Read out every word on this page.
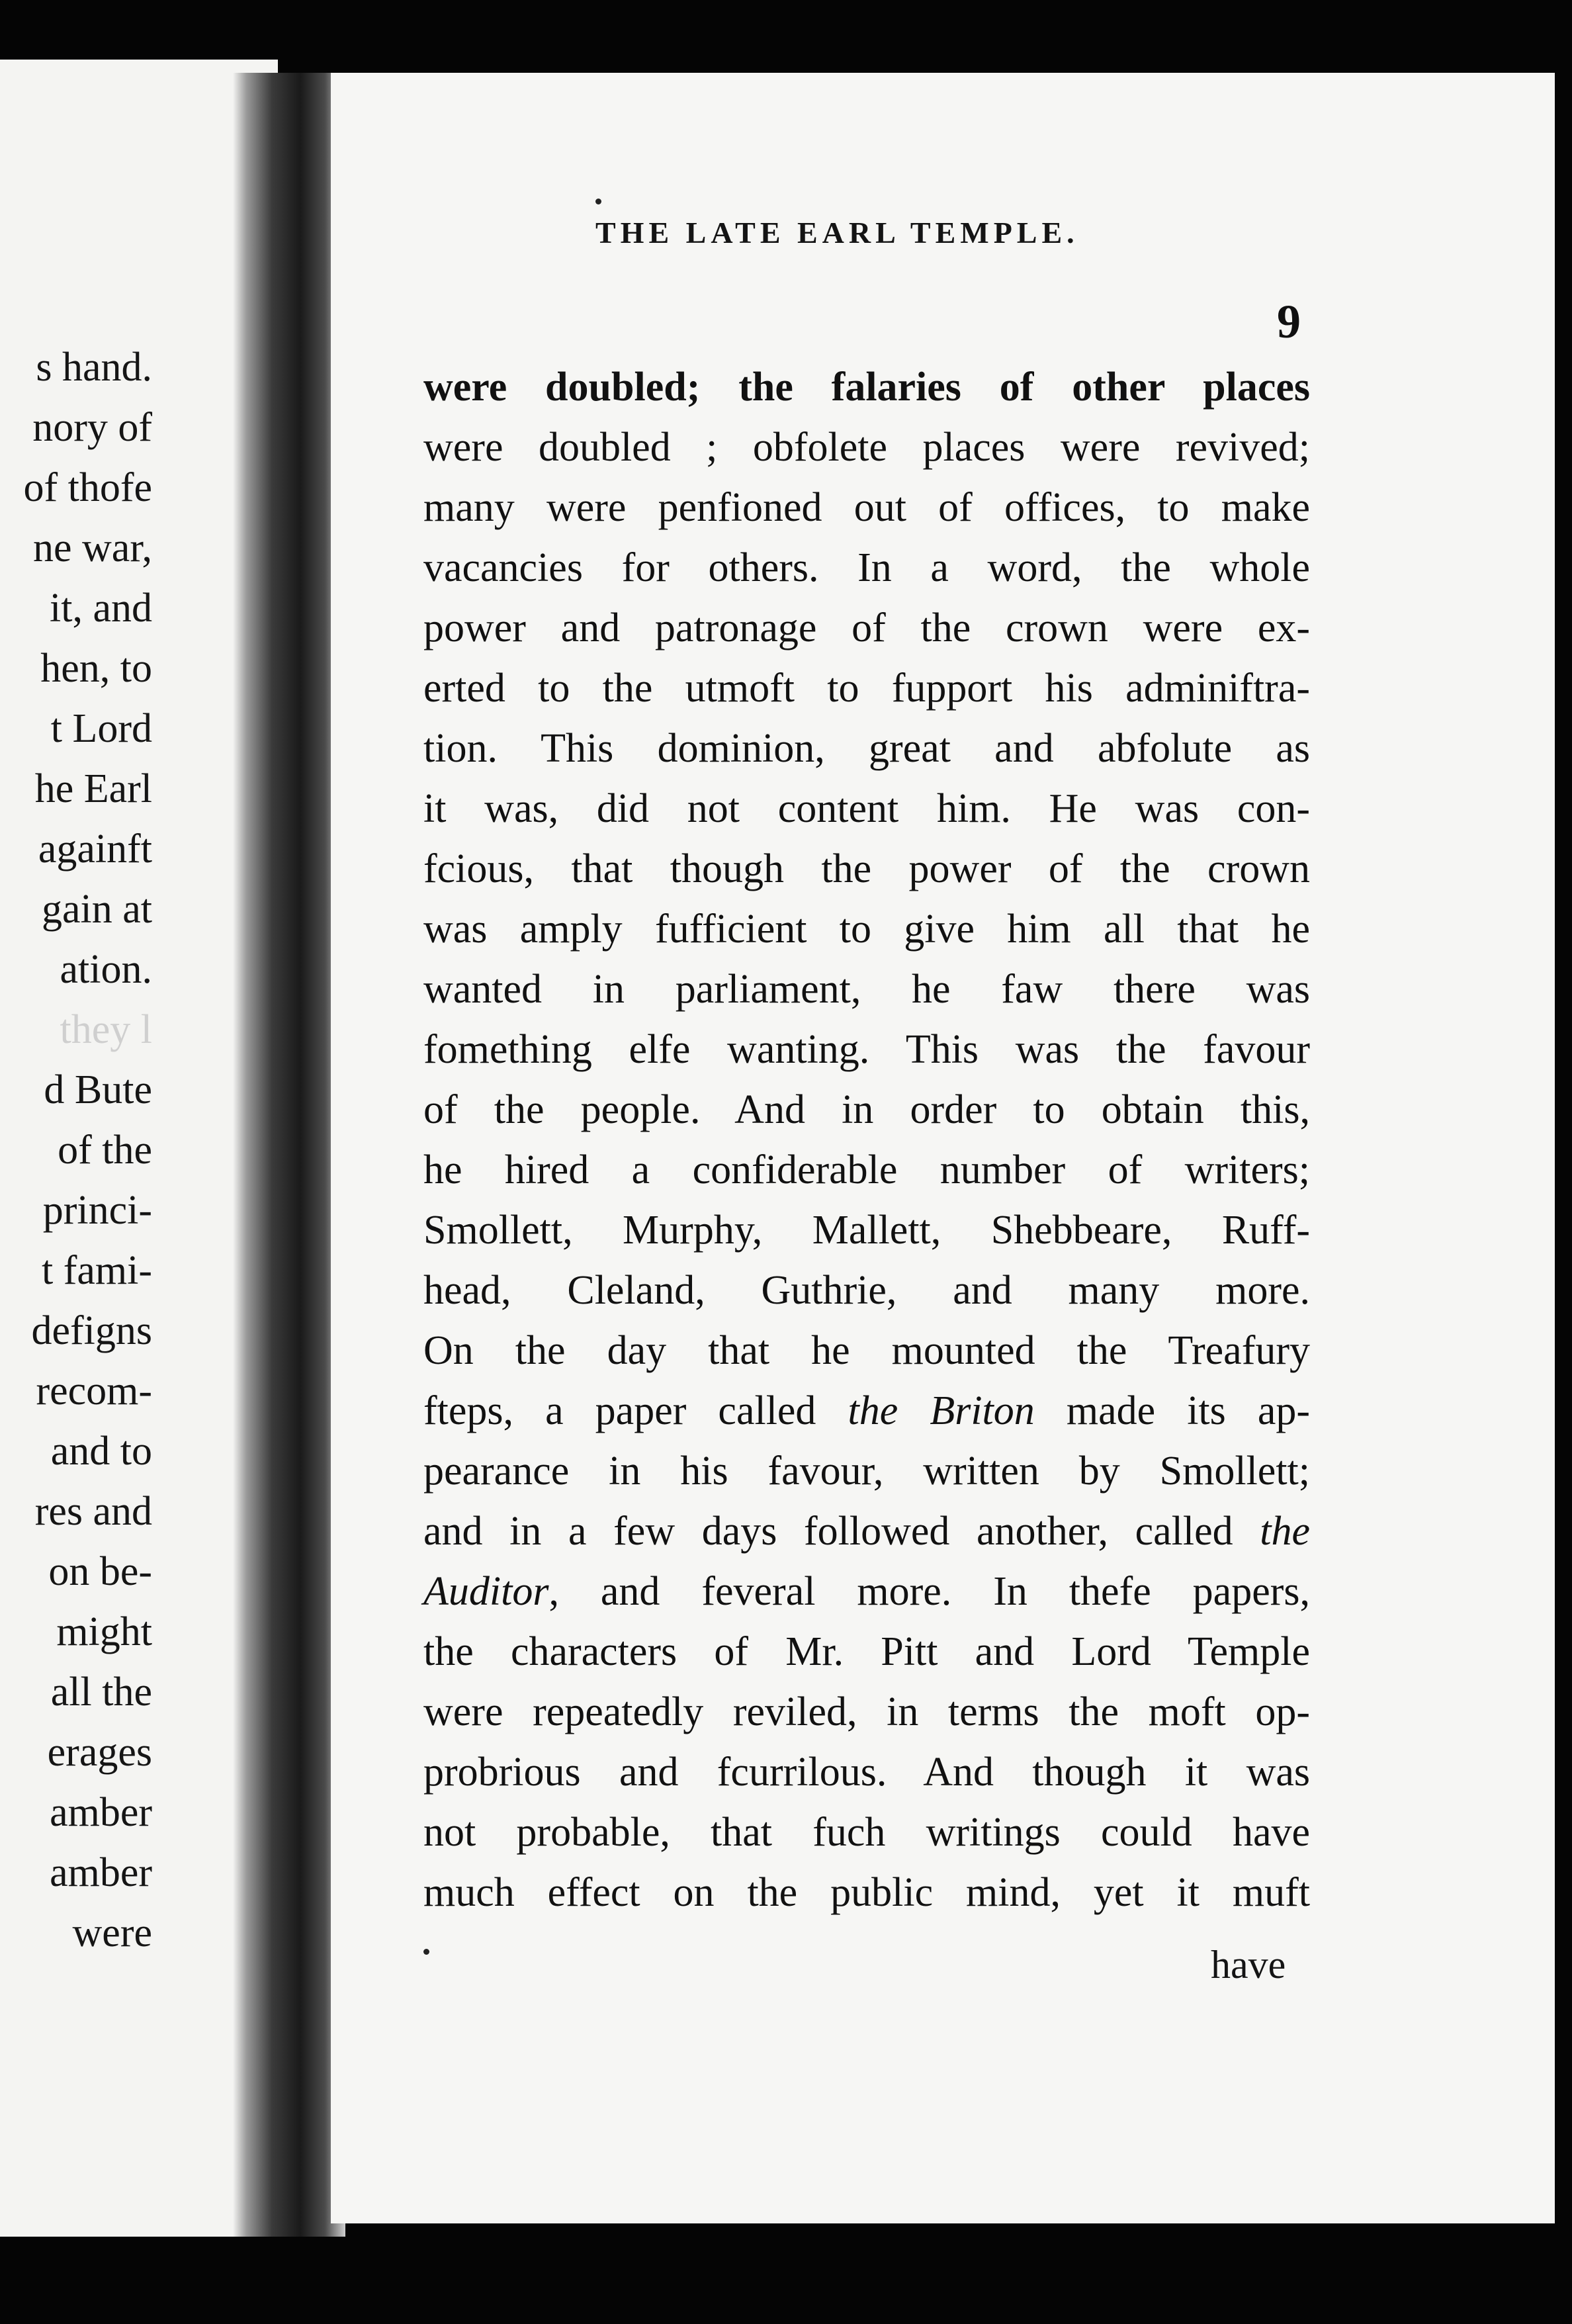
s hand.
nory of
of thofe
ne war,
it, and
hen, to
t Lord
he Earl
againft
gain at
ation.
they l
d Bute
of the
princi-
t fami-
defigns
recom-
and to
res and
on be-
might
all the
erages
amber
amber
were
THE LATE EARL TEMPLE.
9
were doubled; the falaries of other places
were doubled ; obfolete places were revived;
many were penfioned out of offices, to make
vacancies for others. In a word, the whole
power and patronage of the crown were ex-
erted to the utmoft to fupport his adminiftra-
tion. This dominion, great and abfolute as
it was, did not content him. He was con-
fcious, that though the power of the crown
was amply fufficient to give him all that he
wanted in parliament, he faw there was
fomething elfe wanting. This was the favour
of the people. And in order to obtain this,
he hired a confiderable number of writers;
Smollett, Murphy, Mallett, Shebbeare, Ruff-
head, Cleland, Guthrie, and many more.
On the day that he mounted the Treafury
fteps, a paper called the Briton made its ap-
pearance in his favour, written by Smollett;
and in a few days followed another, called the
Auditor, and feveral more. In thefe papers,
the characters of Mr. Pitt and Lord Temple
were repeatedly reviled, in terms the moft op-
probrious and fcurrilous. And though it was
not probable, that fuch writings could have
much effect on the public mind, yet it muft
have
